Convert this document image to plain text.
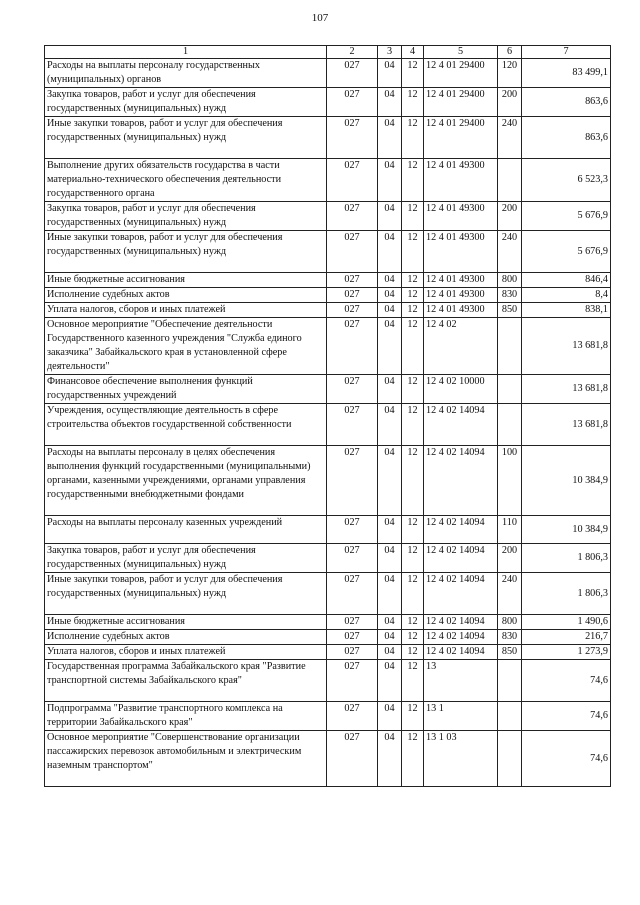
107
1	2	3	4	5	6	7
Расходы на выплаты персоналу государственных (муниципальных) органов	027	04	12	12 4 01 29400	120	83 499,1
Закупка товаров, работ и услуг для обеспечения государственных (муниципальных) нужд	027	04	12	12 4 01 29400	200	863,6
Иные закупки товаров, работ и услуг для обеспечения государственных (муниципальных) нужд	027	04	12	12 4 01 29400	240	863,6
Выполнение других обязательств государства в части материально-технического обеспечения деятельности государственного органа	027	04	12	12 4 01 49300		6 523,3
Закупка товаров, работ и услуг для обеспечения государственных (муниципальных) нужд	027	04	12	12 4 01 49300	200	5 676,9
Иные закупки товаров, работ и услуг для обеспечения государственных (муниципальных) нужд	027	04	12	12 4 01 49300	240	5 676,9
Иные бюджетные ассигнования	027	04	12	12 4 01 49300	800	846,4
Исполнение судебных актов	027	04	12	12 4 01 49300	830	8,4
Уплата налогов, сборов и иных платежей	027	04	12	12 4 01 49300	850	838,1
Основное мероприятие "Обеспечение деятельности Государственного казенного учреждения "Служба единого заказчика" Забайкальского края в установленной сфере деятельности"	027	04	12	12 4 02		13 681,8
Финансовое обеспечение выполнения функций государственных учреждений	027	04	12	12 4 02 10000		13 681,8
Учреждения, осуществляющие деятельность в сфере строительства объектов государственной собственности	027	04	12	12 4 02 14094		13 681,8
Расходы на выплаты персоналу в целях обеспечения выполнения функций государственными (муниципальными) органами, казенными учреждениями, органами управления государственными внебюджетными фондами	027	04	12	12 4 02 14094	100	10 384,9
Расходы на выплаты персоналу казенных учреждений	027	04	12	12 4 02 14094	110	10 384,9
Закупка товаров, работ и услуг для обеспечения государственных (муниципальных) нужд	027	04	12	12 4 02 14094	200	1 806,3
Иные закупки товаров, работ и услуг для обеспечения государственных (муниципальных) нужд	027	04	12	12 4 02 14094	240	1 806,3
Иные бюджетные ассигнования	027	04	12	12 4 02 14094	800	1 490,6
Исполнение судебных актов	027	04	12	12 4 02 14094	830	216,7
Уплата налогов, сборов и иных платежей	027	04	12	12 4 02 14094	850	1 273,9
Государственная программа Забайкальского края "Развитие транспортной системы Забайкальского края"	027	04	12	13		74,6
Подпрограмма "Развитие транспортного комплекса на территории Забайкальского края"	027	04	12	13 1		74,6
Основное мероприятие "Совершенствование организации пассажирских перевозок автомобильным и электрическим наземным транспортом"	027	04	12	13 1 03		74,6
